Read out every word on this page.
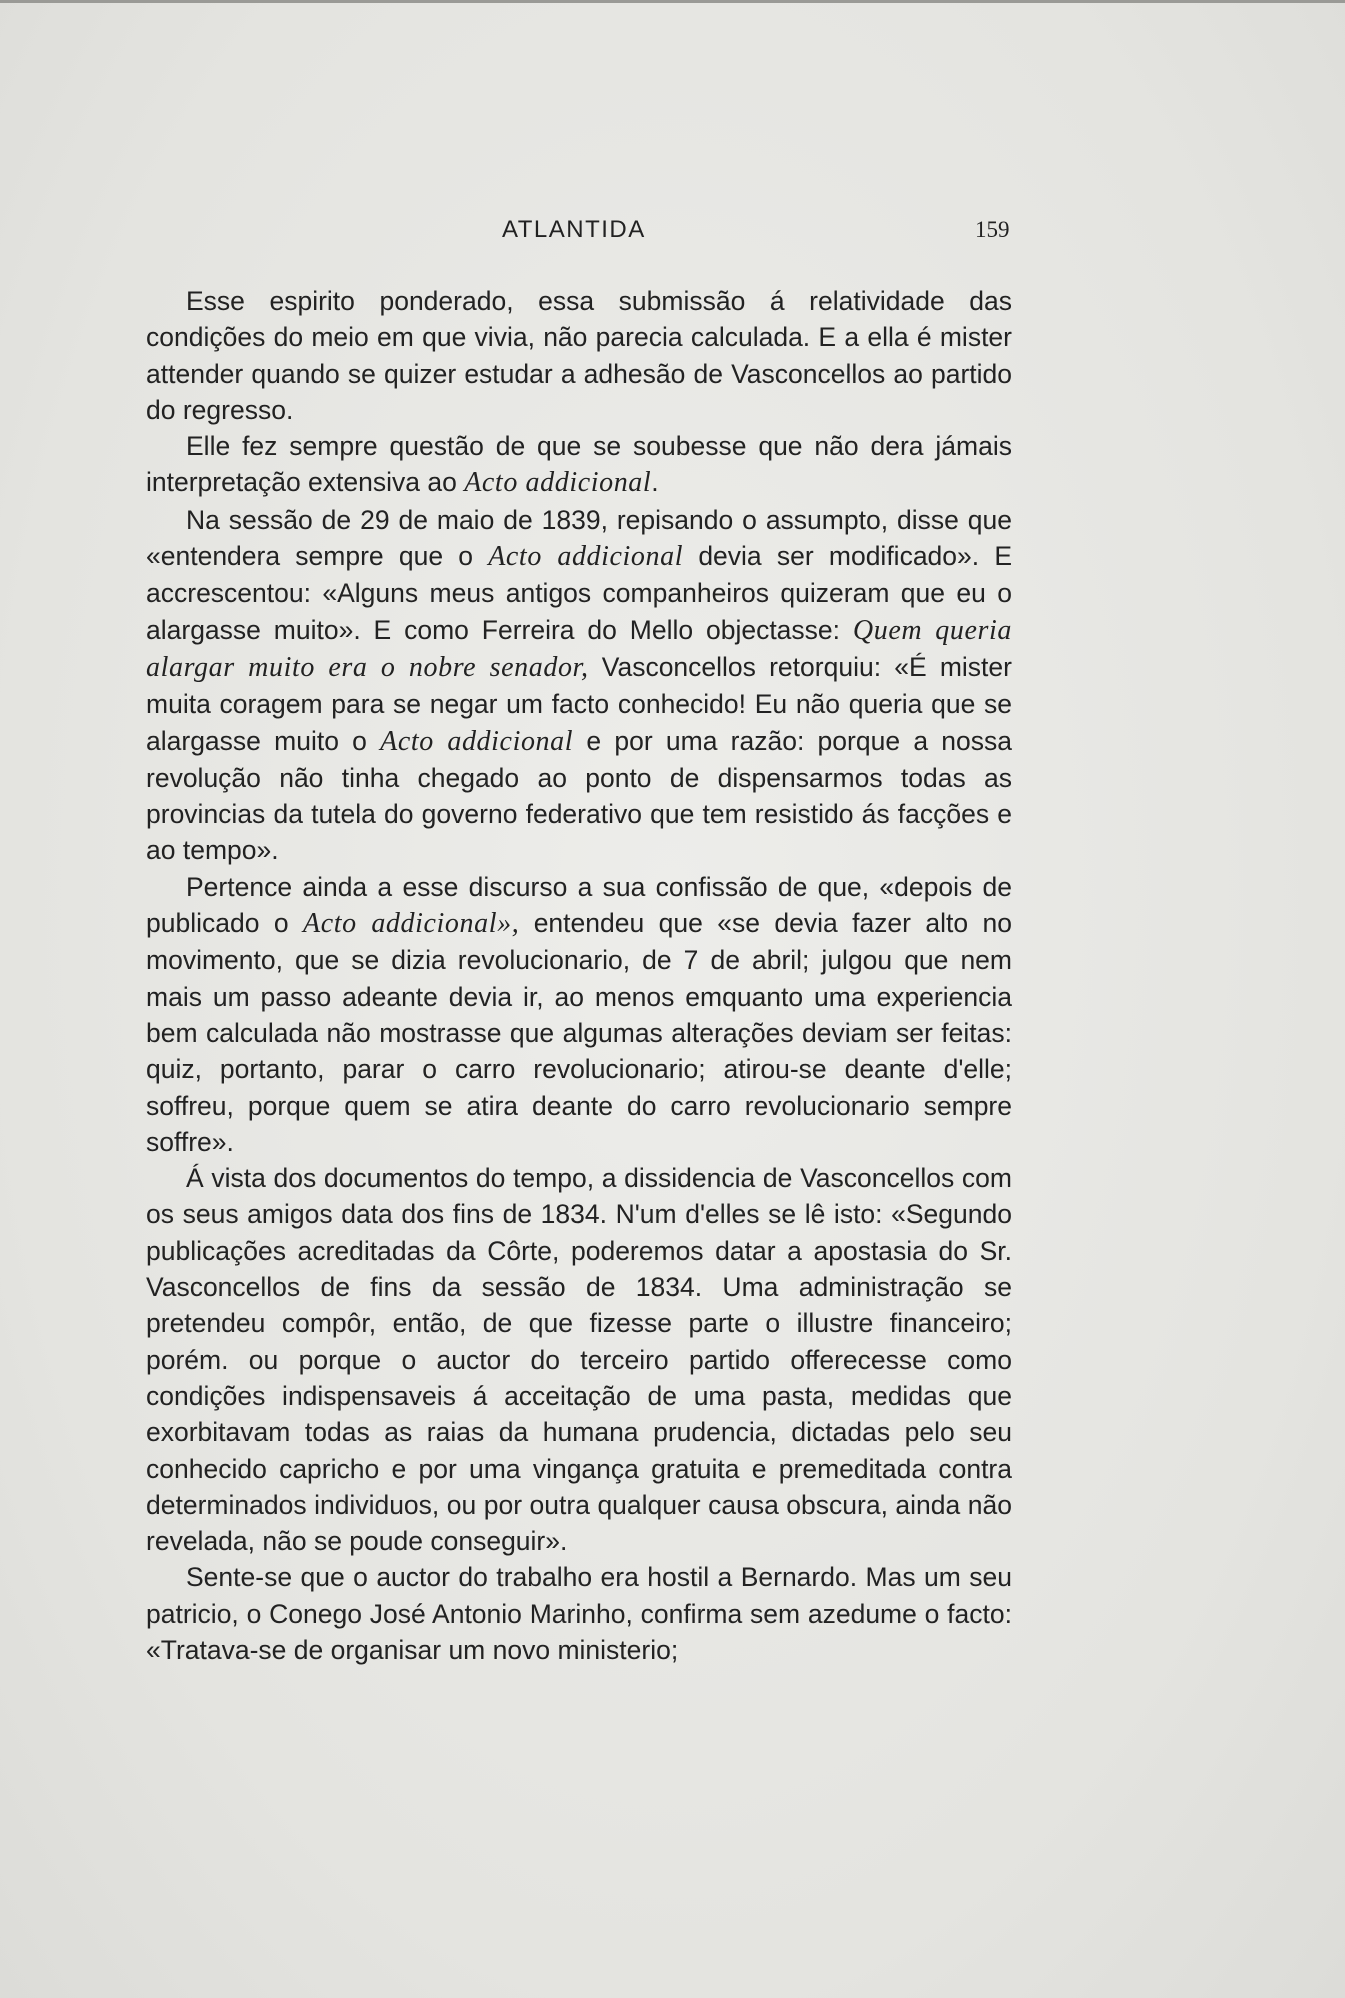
ATLANTIDA	159

Esse espirito ponderado, essa submissão á relatividade das condições do meio em que vivia, não parecia calculada. E a ella é mister attender quando se quizer estudar a adhesão de Vasconcellos ao partido do regresso.

Elle fez sempre questão de que se soubesse que não dera jámais interpretação extensiva ao Acto addicional.

Na sessão de 29 de maio de 1839, repisando o assumpto, disse que «entendera sempre que o Acto addicional devia ser modificado». E accrescentou: «Alguns meus antigos companheiros quizeram que eu o alargasse muito». E como Ferreira do Mello objectasse: Quem queria alargar muito era o nobre senador, Vasconcellos retorquiu: «É mister muita coragem para se negar um facto conhecido! Eu não queria que se alargasse muito o Acto addicional e por uma razão: porque a nossa revolução não tinha chegado ao ponto de dispensarmos todas as provincias da tutela do governo federativo que tem resistido ás facções e ao tempo».

Pertence ainda a esse discurso a sua confissão de que, «depois de publicado o Acto addicional», entendeu que «se devia fazer alto no movimento, que se dizia revolucionario, de 7 de abril; julgou que nem mais um passo adeante devia ir, ao menos emquanto uma experiencia bem calculada não mostrasse que algumas alterações deviam ser feitas: quiz, portanto, parar o carro revolucionario; atirou-se deante d'elle; soffreu, porque quem se atira deante do carro revolucionario sempre soffre».

Á vista dos documentos do tempo, a dissidencia de Vasconcellos com os seus amigos data dos fins de 1834. N'um d'elles se lê isto: «Segundo publicações acreditadas da Côrte, poderemos datar a apostasia do Sr. Vasconcellos de fins da sessão de 1834. Uma administração se pretendeu compôr, então, de que fizesse parte o illustre financeiro; porém. ou porque o auctor do terceiro partido offerecesse como condições indispensaveis á acceitação de uma pasta, medidas que exorbitavam todas as raias da humana prudencia, dictadas pelo seu conhecido capricho e por uma vingança gratuita e premeditada contra determinados individuos, ou por outra qualquer causa obscura, ainda não revelada, não se poude conseguir».

Sente-se que o auctor do trabalho era hostil a Bernardo. Mas um seu patricio, o Conego José Antonio Marinho, confirma sem azedume o facto: «Tratava-se de organisar um novo ministerio;
